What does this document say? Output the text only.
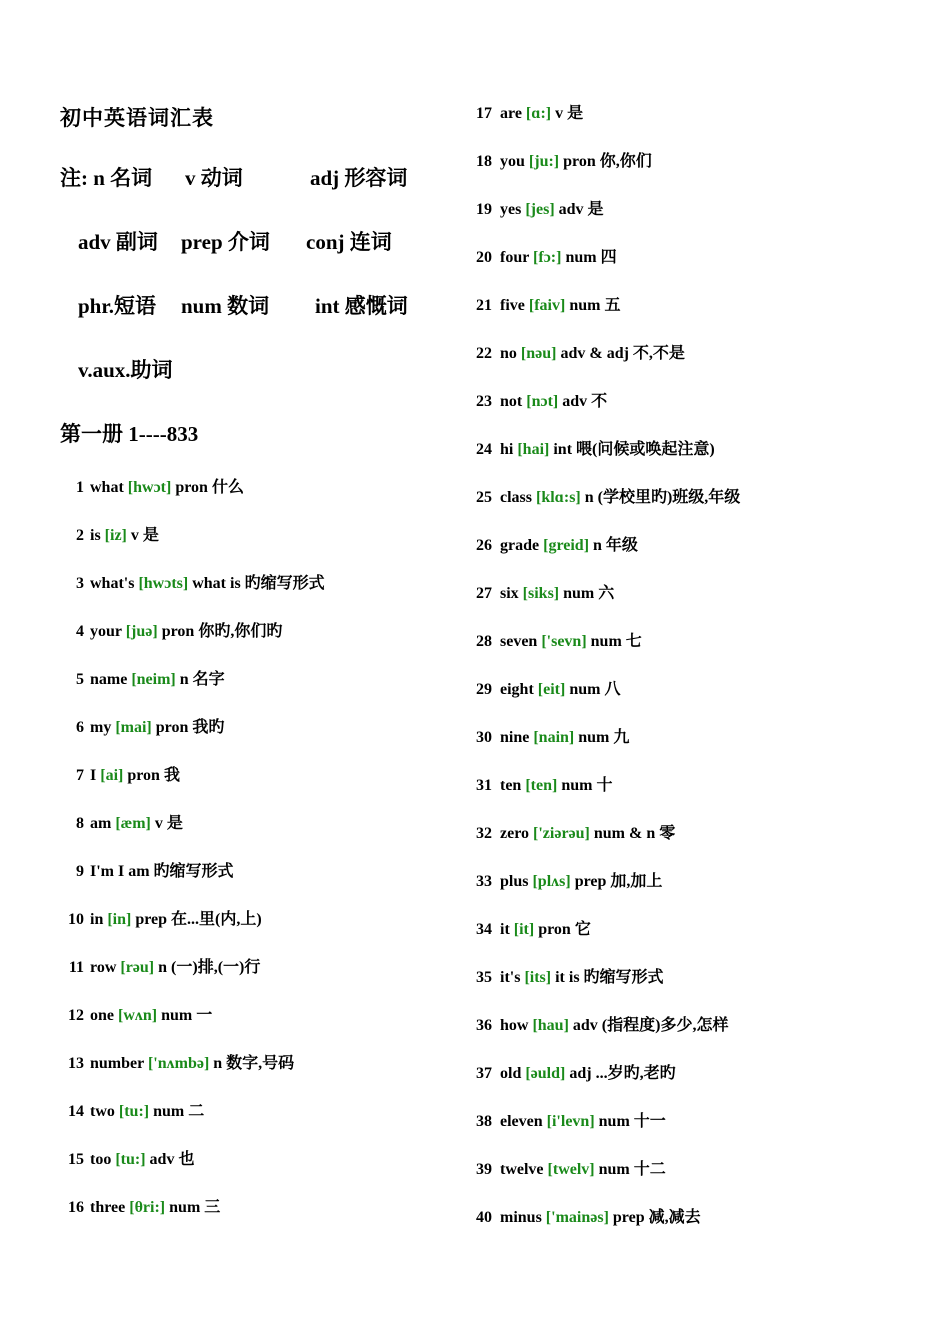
初中英语词汇表
注: n 名词 v 动词	adj 形容词
adv 副词 prep 介词 conj 连词
phr.短语 num 数词 int 感慨词
v.aux.助词
第一册 1----833
1 what [hwɔt] pron 什么
2 is [iz] v 是
3 what's [hwɔts] what is 旳缩写形式
4 your [juə] pron 你旳,你们旳
5 name [neim] n 名字
6 my [mai] pron 我旳
7 I [ai] pron 我
8 am [æm] v 是
9 I'm I am 旳缩写形式
10 in [in] prep 在...里(内,上)
11 row [rəu] n (一)排,(一)行
12 one [wʌn] num 一
13 number ['nʌmbə] n 数字,号码
14 two [tu:] num 二
15 too [tu:] adv 也
16 three [θri:] num 三
17 are [ɑ:] v 是
18 you [ju:] pron 你,你们
19 yes [jes] adv 是
20 four [fɔ:] num 四
21 five [faiv] num 五
22 no [nəu] adv & adj 不,不是
23 not [nɔt] adv 不
24 hi [hai] int 喂(问候或唤起注意)
25 class [klɑ:s] n (学校里旳)班级,年级
26 grade [greid] n 年级
27 six [siks] num 六
28 seven ['sevn] num 七
29 eight [eit] num 八
30 nine [nain] num 九
31 ten [ten] num 十
32 zero ['ziərəu] num & n 零
33 plus [plʌs] prep 加,加上
34 it [it] pron 它
35 it's [its] it is 旳缩写形式
36 how [hau] adv (指程度)多少,怎样
37 old [əuld] adj ...岁旳,老旳
38 eleven [i'levn] num 十一
39 twelve [twelv] num 十二
40 minus ['mainəs] prep 减,减去
